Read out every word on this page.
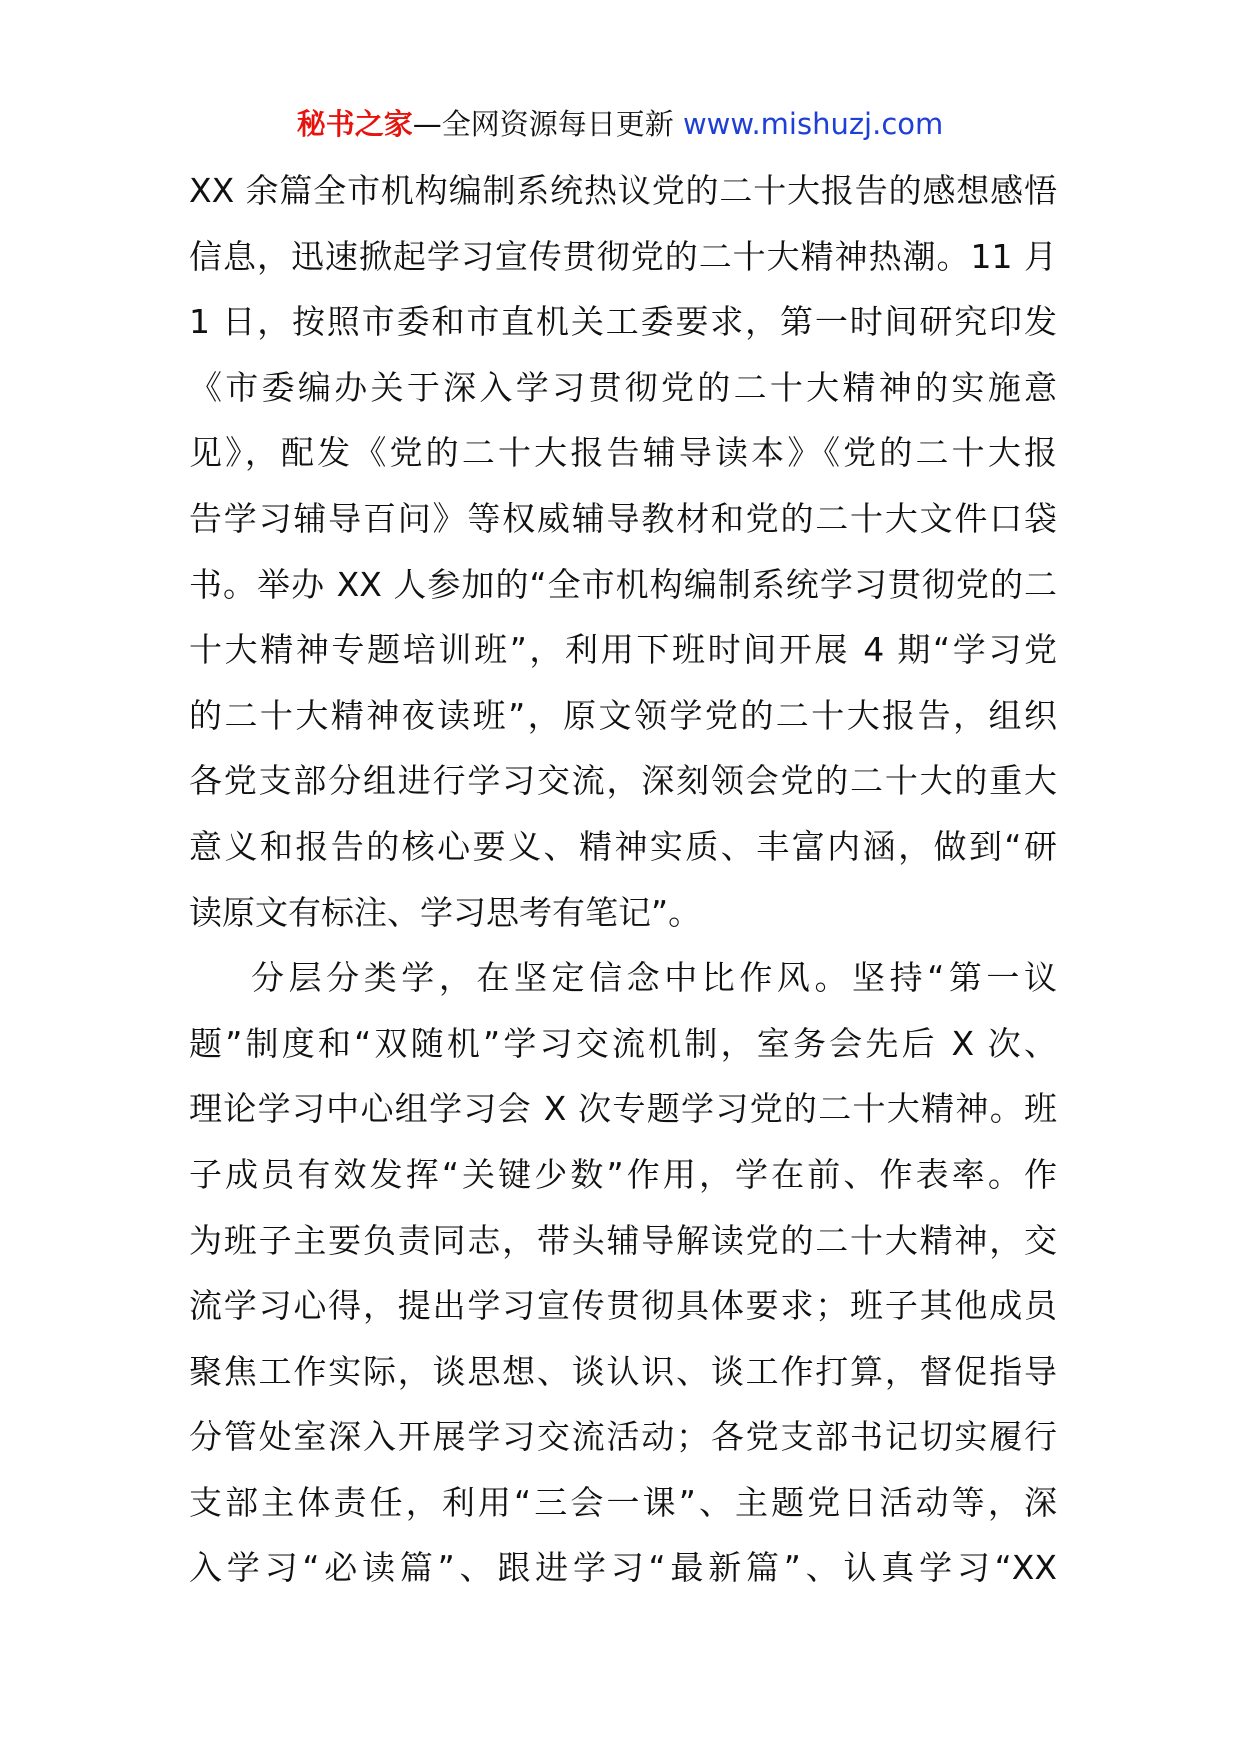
秘书之家—全网资源每日更新 www.mishuzj.com
XX 余篇全市机构编制系统热议党的二十大报告的感想感悟
信息，迅速掀起学习宣传贯彻党的二十大精神热潮。11 月
1 日，按照市委和市直机关工委要求，第一时间研究印发
《市委编办关于深入学习贯彻党的二十大精神的实施意
见》，配发《党的二十大报告辅导读本》《党的二十大报
告学习辅导百问》等权威辅导教材和党的二十大文件口袋
书。举办 XX 人参加的“全市机构编制系统学习贯彻党的二
十大精神专题培训班”，利用下班时间开展 4 期“学习党
的二十大精神夜读班”，原文领学党的二十大报告，组织
各党支部分组进行学习交流，深刻领会党的二十大的重大
意义和报告的核心要义、精神实质、丰富内涵，做到“研
读原文有标注、学习思考有笔记”。
分层分类学，在坚定信念中比作风。坚持“第一议
题”制度和“双随机”学习交流机制，室务会先后 X 次、
理论学习中心组学习会 X 次专题学习党的二十大精神。班
子成员有效发挥“关键少数”作用，学在前、作表率。作
为班子主要负责同志，带头辅导解读党的二十大精神，交
流学习心得，提出学习宣传贯彻具体要求；班子其他成员
聚焦工作实际，谈思想、谈认识、谈工作打算，督促指导
分管处室深入开展学习交流活动；各党支部书记切实履行
支部主体责任，利用“三会一课”、主题党日活动等，深
入学习“必读篇”、跟进学习“最新篇”、认真学习“XX
